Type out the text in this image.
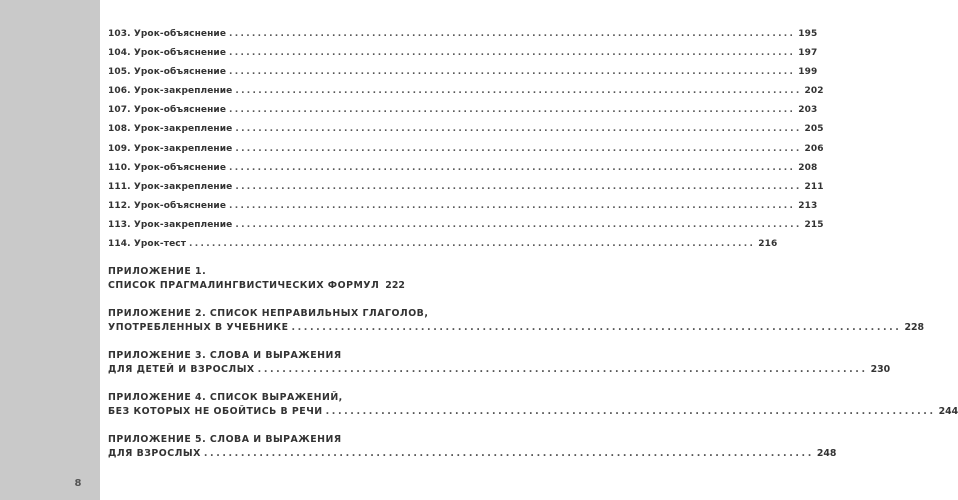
8
103. Урок-объяснение ................................................................................................... 195
104. Урок-объяснение ................................................................................................... 197
105. Урок-объяснение ................................................................................................... 199
106. Урок-закрепление ................................................................................................... 202
107. Урок-объяснение ................................................................................................... 203
108. Урок-закрепление ................................................................................................... 205
109. Урок-закрепление ................................................................................................... 206
110. Урок-объяснение ................................................................................................... 208
111. Урок-закрепление ................................................................................................... 211
112. Урок-объяснение ................................................................................................... 213
113. Урок-закрепление ................................................................................................... 215
114. Урок-тест ................................................................................................... 216
ПРИЛОЖЕНИЕ 1.
СПИСОК ПРАГМАЛИНГВИСТИЧЕСКИХ ФОРМУЛ 222
ПРИЛОЖЕНИЕ 2. СПИСОК НЕПРАВИЛЬНЫХ ГЛАГОЛОВ,
УПОТРЕБЛЕННЫХ В УЧЕБНИКЕ ................................................................................................... 228
ПРИЛОЖЕНИЕ 3. СЛОВА И ВЫРАЖЕНИЯ
ДЛЯ ДЕТЕЙ И ВЗРОСЛЫХ ................................................................................................... 230
ПРИЛОЖЕНИЕ 4. СПИСОК ВЫРАЖЕНИЙ,
БЕЗ КОТОРЫХ НЕ ОБОЙТИСЬ В РЕЧИ ................................................................................................... 244
ПРИЛОЖЕНИЕ 5. СЛОВА И ВЫРАЖЕНИЯ
ДЛЯ ВЗРОСЛЫХ ................................................................................................... 248
